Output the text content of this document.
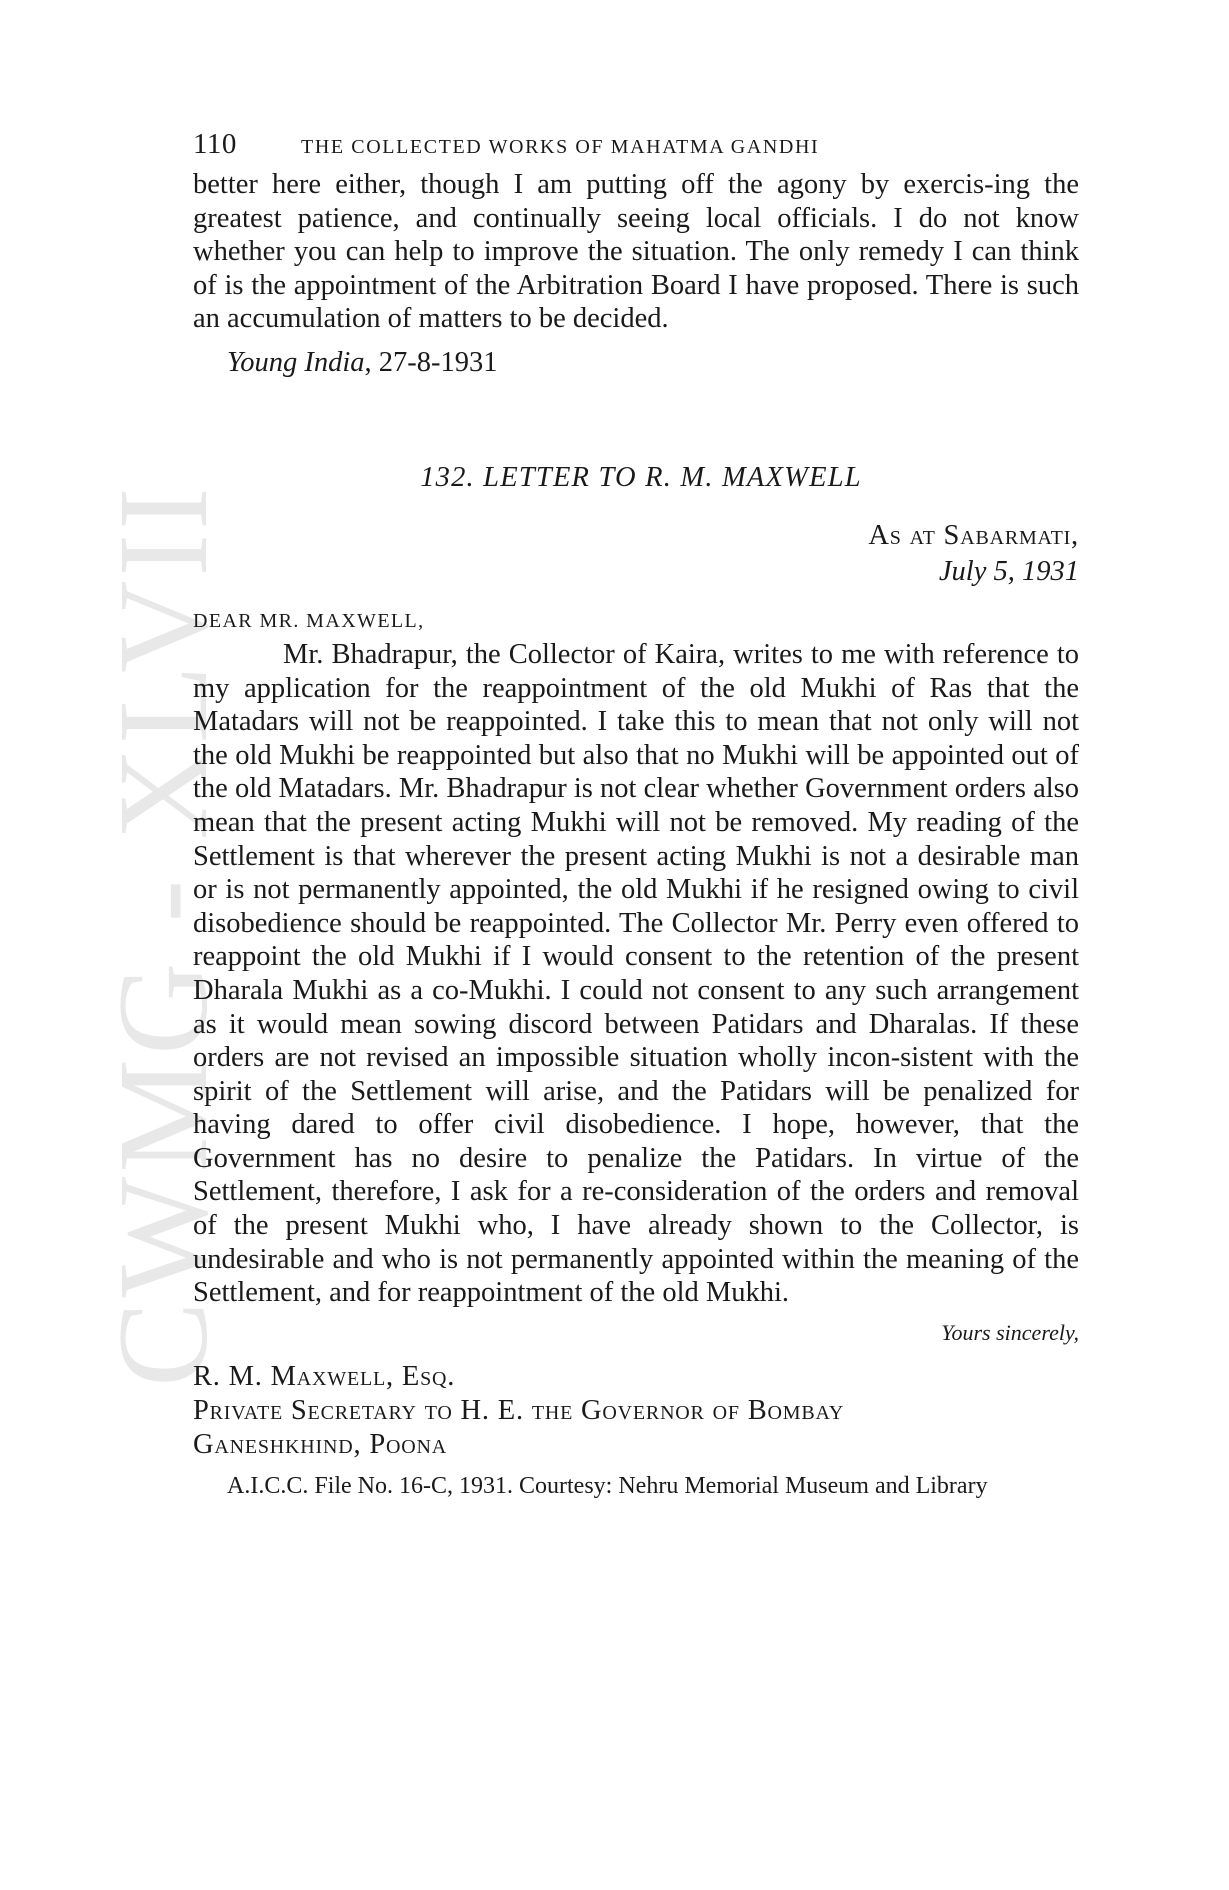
CWMG - XLVII
110	THE COLLECTED WORKS OF MAHATMA GANDHI

better here either, though I am putting off the agony by exercis-ing the greatest patience, and continually seeing local officials. I do not know whether you can help to improve the situation. The only remedy I can think of is the appointment of the Arbitration Board I have proposed. There is such an accumulation of matters to be decided.

Young India, 27-8-1931
132. LETTER TO R. M. MAXWELL
As at Sabarmati,
July 5, 1931
DEAR MR. MAXWELL,

Mr. Bhadrapur, the Collector of Kaira, writes to me with reference to my application for the reappointment of the old Mukhi of Ras that the Matadars will not be reappointed. I take this to mean that not only will not the old Mukhi be reappointed but also that no Mukhi will be appointed out of the old Matadars. Mr. Bhadrapur is not clear whether Government orders also mean that the present acting Mukhi will not be removed. My reading of the Settlement is that wherever the present acting Mukhi is not a desirable man or is not permanently appointed, the old Mukhi if he resigned owing to civil disobedience should be reappointed. The Collector Mr. Perry even offered to reappoint the old Mukhi if I would consent to the retention of the present Dharala Mukhi as a co-Mukhi. I could not consent to any such arrangement as it would mean sowing discord between Patidars and Dharalas. If these orders are not revised an impossible situation wholly incon-sistent with the spirit of the Settlement will arise, and the Patidars will be penalized for having dared to offer civil disobedience. I hope, however, that the Government has no desire to penalize the Patidars. In virtue of the Settlement, therefore, I ask for a re-consideration of the orders and removal of the present Mukhi who, I have already shown to the Collector, is undesirable and who is not permanently appointed within the meaning of the Settlement, and for reappointment of the old Mukhi.

Yours sincerely,
R. M. Maxwell, Esq.
Private Secretary to H. E. the Governor of Bombay
Ganeshkhind, Poona

A.I.C.C. File No. 16-C, 1931. Courtesy: Nehru Memorial Museum and Library
